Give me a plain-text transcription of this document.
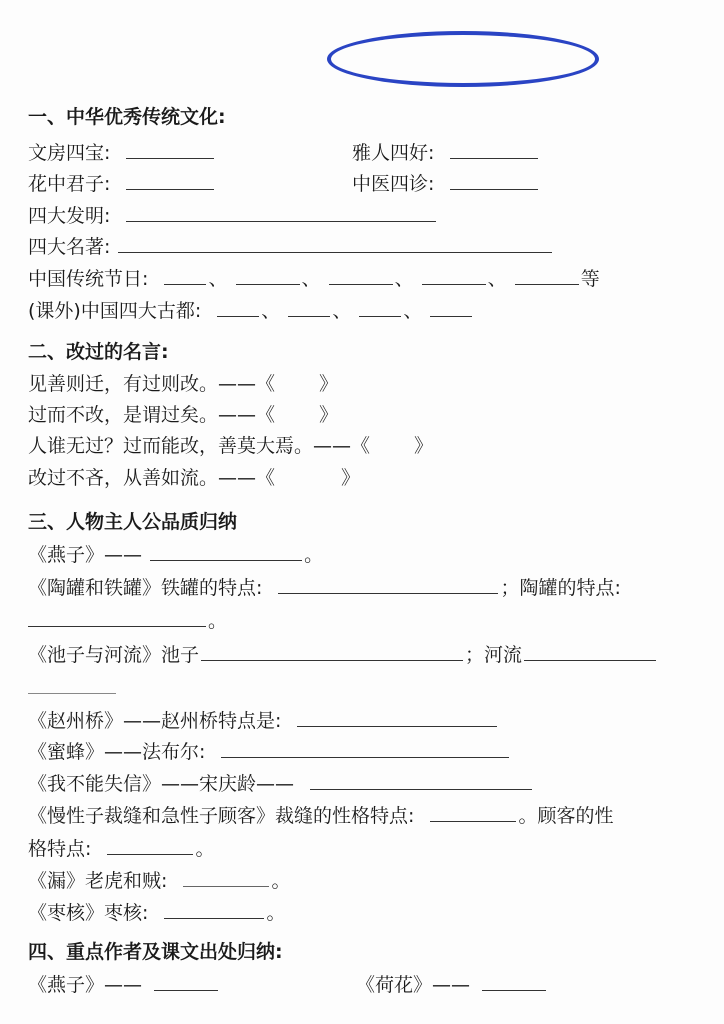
一、中华优秀传统文化:
文房四宝:	雅人四好:
花中君子:	中医四诊:
四大发明:
四大名著:
中国传统节日:	、	、	、	、	等
(课外)中国四大古都:	、	、	、
二、改过的名言:
见善则迁，有过则改。——《 》
过而不改，是谓过矣。——《 》
人谁无过？过而能改，善莫大焉。——《 》
改过不吝，从善如流。——《	》
三、人物主人公品质归纳
《燕子》——	。
《陶罐和铁罐》铁罐的特点:	；陶罐的特点:
。
《池子与河流》池子	；河流
《赵州桥》——赵州桥特点是:
《蜜蜂》——法布尔:
《我不能失信》——宋庆龄——
《慢性子裁缝和急性子顾客》裁缝的性格特点:	。顾客的性
格特点:	。
《漏》老虎和贼:	。
《枣核》枣核:	。
四、重点作者及课文出处归纳:
《燕子》——	《荷花》——
